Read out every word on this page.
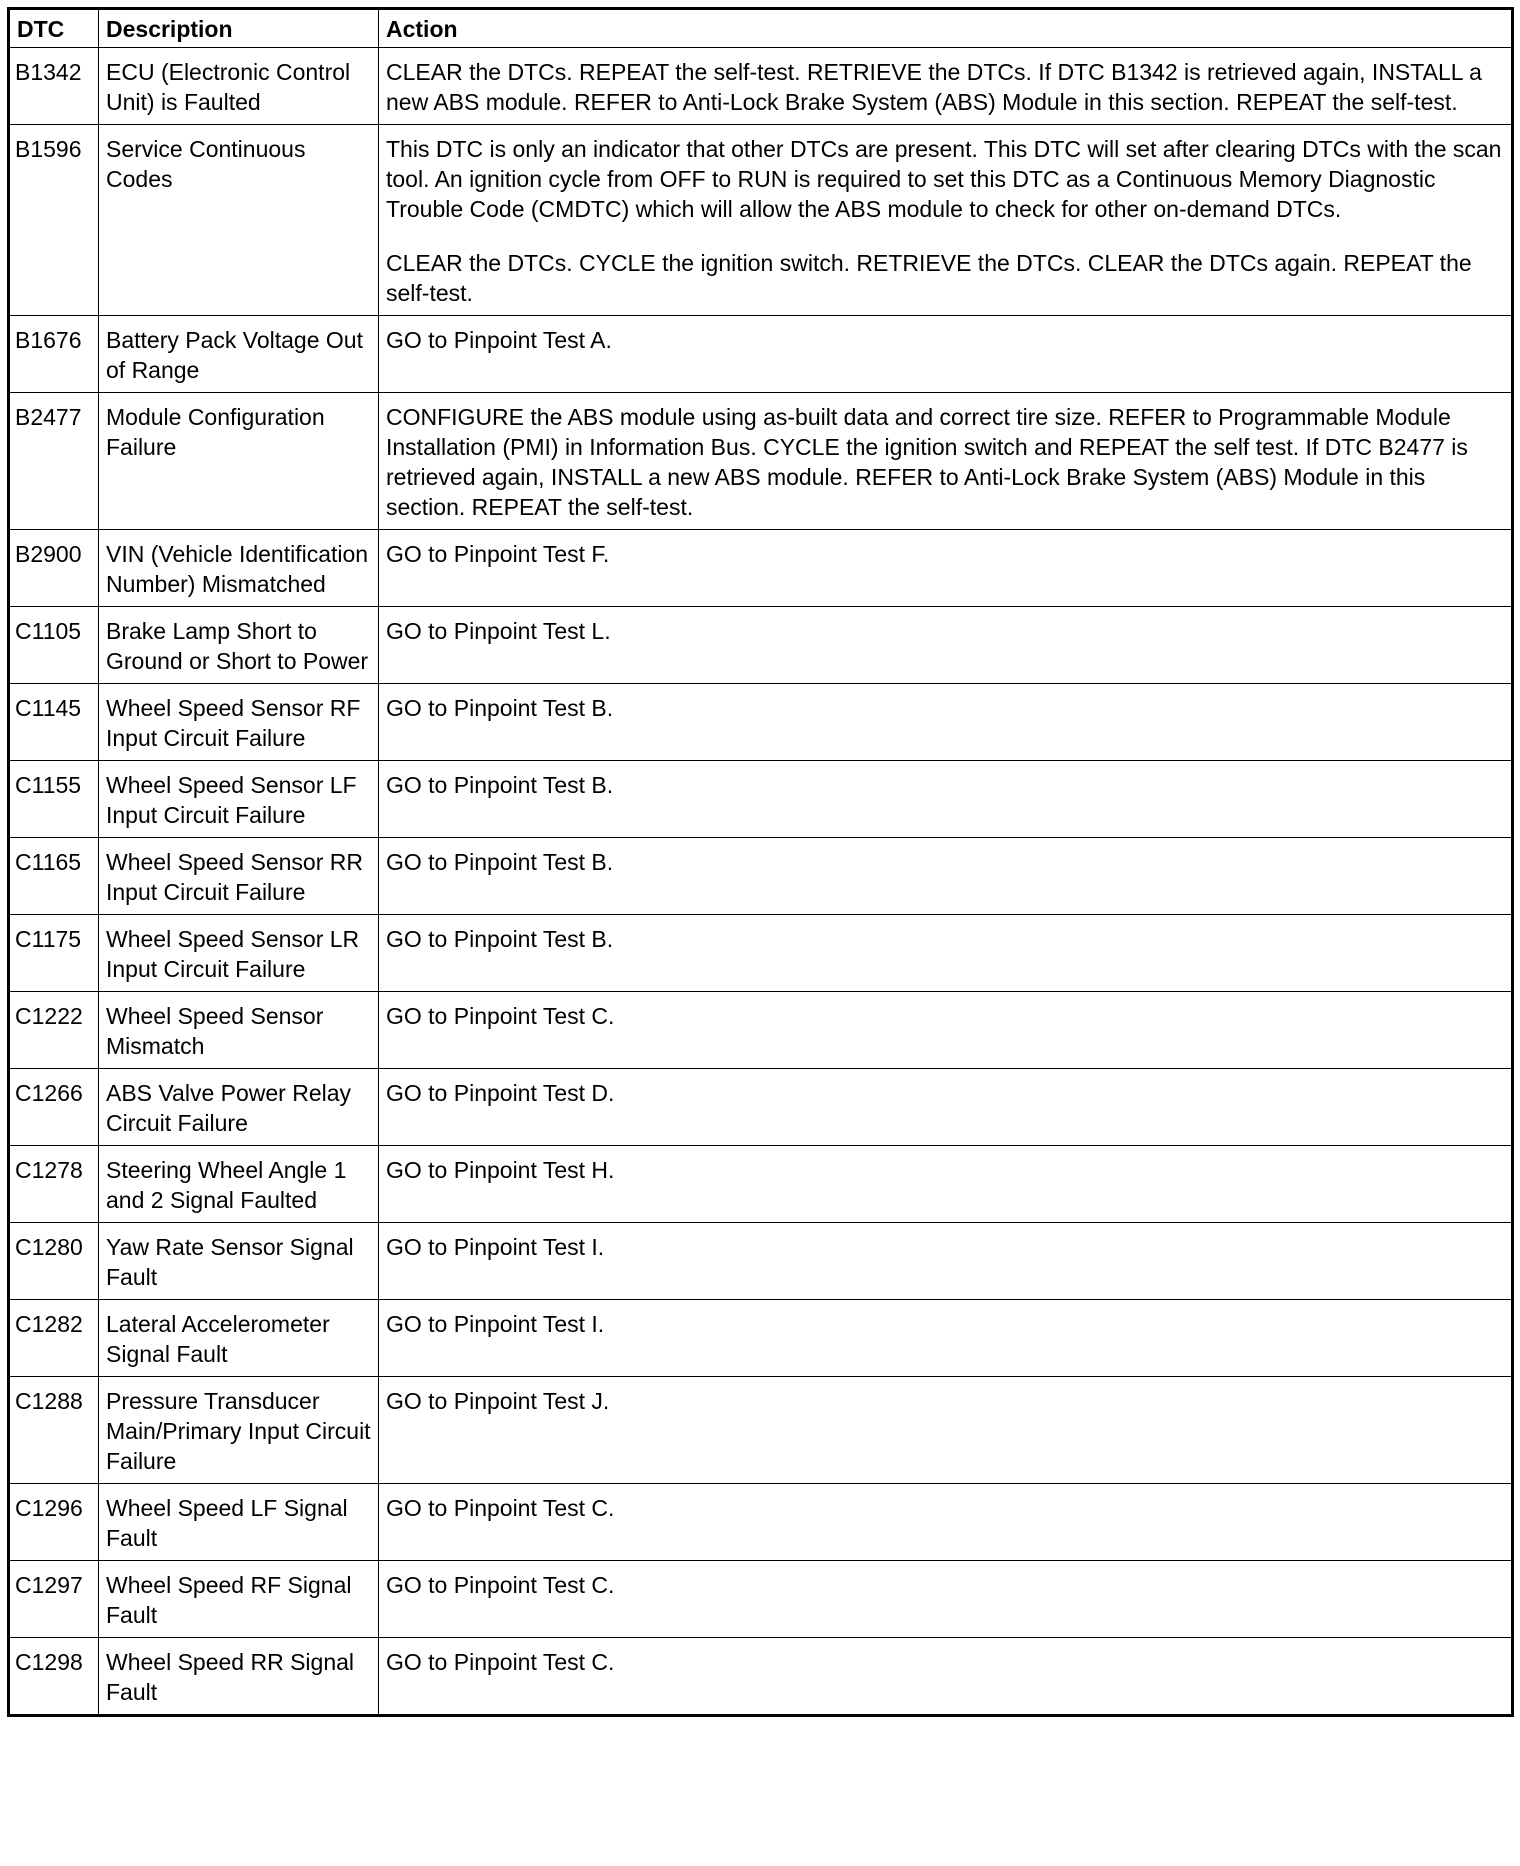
DTC	Description	Action
B1342	ECU (Electronic Control Unit) is Faulted	CLEAR the DTCs. REPEAT the self-test. RETRIEVE the DTCs. If DTC B1342 is retrieved again, INSTALL a new ABS module. REFER to Anti-Lock Brake System (ABS) Module in this section. REPEAT the self-test.

B1596	Service Continuous Codes	This DTC is only an indicator that other DTCs are present. This DTC will set after clearing DTCs with the scan tool. An ignition cycle from OFF to RUN is required to set this DTC as a Continuous Memory Diagnostic Trouble Code (CMDTC) which will allow the ABS module to check for other on-demand DTCs.

CLEAR the DTCs. CYCLE the ignition switch. RETRIEVE the DTCs. CLEAR the DTCs again. REPEAT the self-test.

B1676	Battery Pack Voltage Out of Range	GO to Pinpoint Test A.

B2477	Module Configuration Failure	CONFIGURE the ABS module using as-built data and correct tire size. REFER to Programmable Module Installation (PMI) in Information Bus. CYCLE the ignition switch and REPEAT the self test. If DTC B2477 is retrieved again, INSTALL a new ABS module. REFER to Anti-Lock Brake System (ABS) Module in this section. REPEAT the self-test.

B2900	VIN (Vehicle Identification Number) Mismatched	GO to Pinpoint Test F.

C1105	Brake Lamp Short to Ground or Short to Power	GO to Pinpoint Test L.

C1145	Wheel Speed Sensor RF Input Circuit Failure	GO to Pinpoint Test B.

C1155	Wheel Speed Sensor LF Input Circuit Failure	GO to Pinpoint Test B.

C1165	Wheel Speed Sensor RR Input Circuit Failure	GO to Pinpoint Test B.

C1175	Wheel Speed Sensor LR Input Circuit Failure	GO to Pinpoint Test B.

C1222	Wheel Speed Sensor Mismatch	GO to Pinpoint Test C.

C1266	ABS Valve Power Relay Circuit Failure	GO to Pinpoint Test D.

C1278	Steering Wheel Angle 1 and 2 Signal Faulted	GO to Pinpoint Test H.

C1280	Yaw Rate Sensor Signal Fault	GO to Pinpoint Test I.

C1282	Lateral Accelerometer Signal Fault	GO to Pinpoint Test I.

C1288	Pressure Transducer Main/Primary Input Circuit Failure	GO to Pinpoint Test J.

C1296	Wheel Speed LF Signal Fault	GO to Pinpoint Test C.

C1297	Wheel Speed RF Signal Fault	GO to Pinpoint Test C.

C1298	Wheel Speed RR Signal Fault	GO to Pinpoint Test C.
